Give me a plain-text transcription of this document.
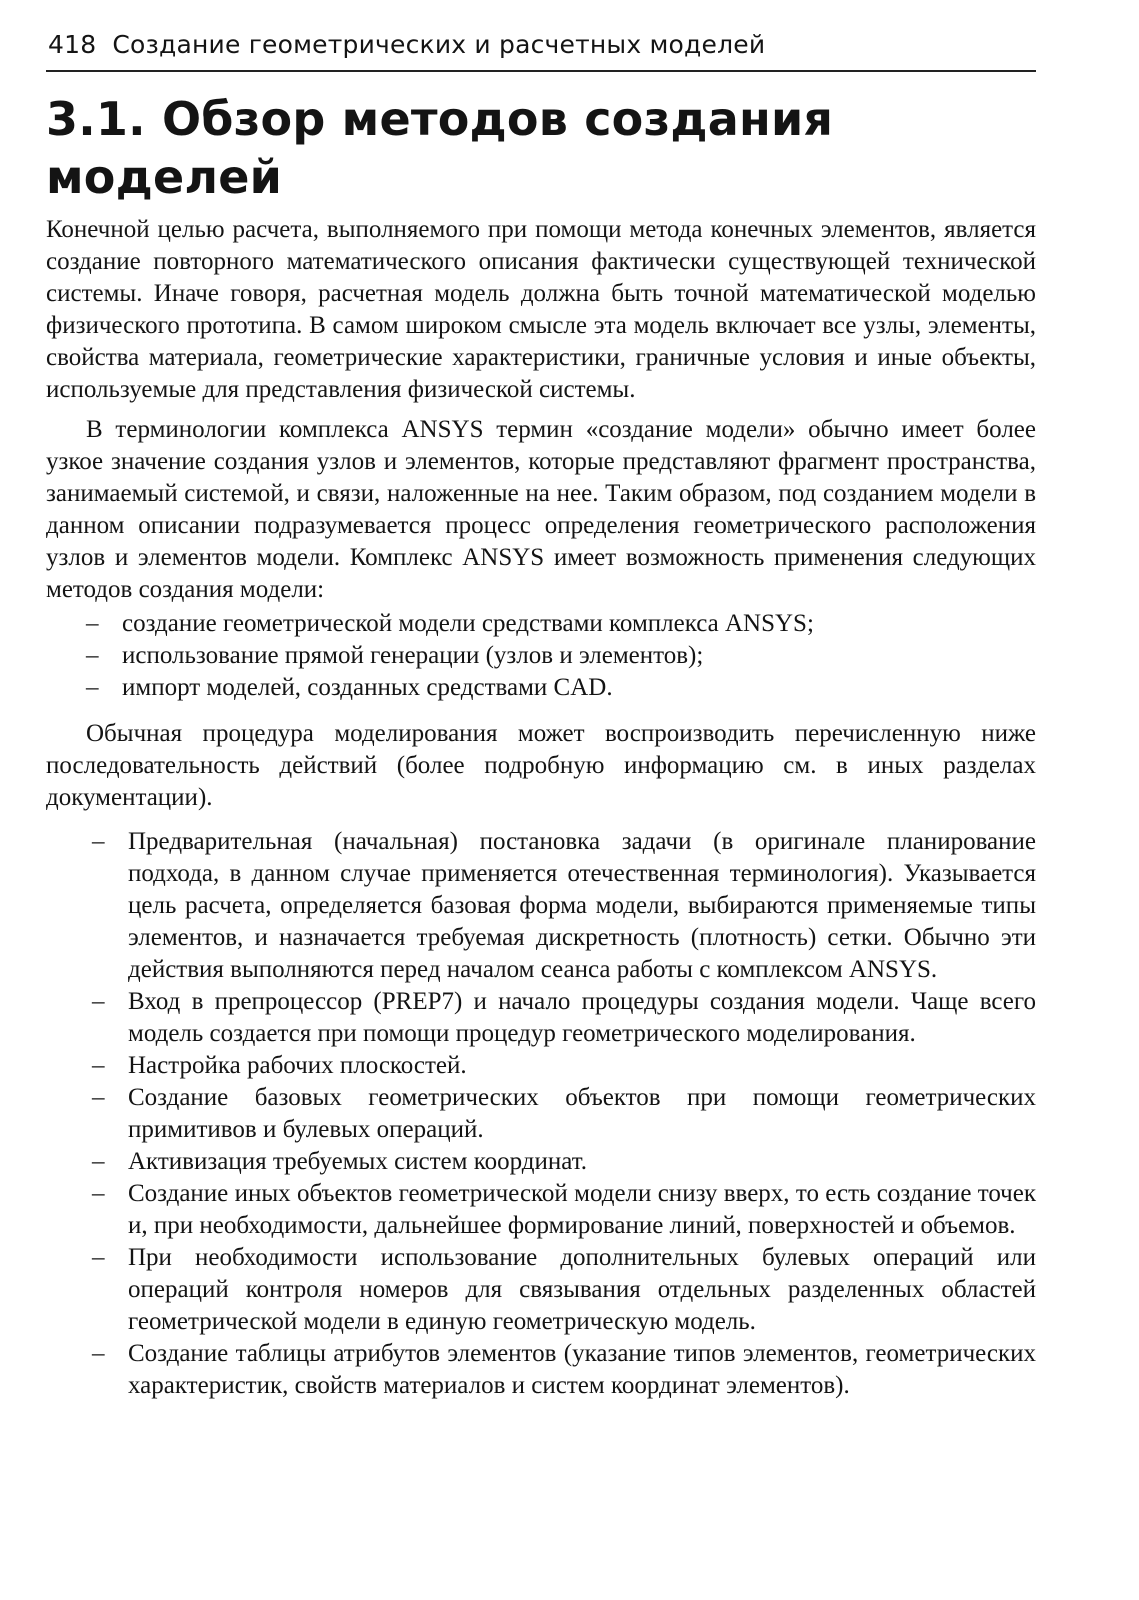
418 Создание геометрических и расчетных моделей
3.1. Обзор методов создания моделей

Конечной целью расчета, выполняемого при помощи метода конечных элементов, является создание повторного математического описания фактически существующей технической системы. Иначе говоря, расчетная модель должна быть точной математической моделью физического прототипа. В самом широком смысле эта модель включает все узлы, элементы, свойства материала, геометрические характеристики, граничные условия и иные объекты, используемые для представления физической системы.

В терминологии комплекса ANSYS термин «создание модели» обычно имеет более узкое значение создания узлов и элементов, которые представляют фрагмент пространства, занимаемый системой, и связи, наложенные на нее. Таким образом, под созданием модели в данном описании подразумевается процесс определения геометрического расположения узлов и элементов модели. Комплекс ANSYS имеет возможность применения следующих методов создания модели:

– создание геометрической модели средствами комплекса ANSYS;
– использование прямой генерации (узлов и элементов);
– импорт моделей, созданных средствами CAD.

Обычная процедура моделирования может воспроизводить перечисленную ниже последовательность действий (более подробную информацию см. в иных разделах документации).

– Предварительная (начальная) постановка задачи (в оригинале планирование подхода, в данном случае применяется отечественная терминология). Указывается цель расчета, определяется базовая форма модели, выбираются применяемые типы элементов, и назначается требуемая дискретность (плотность) сетки. Обычно эти действия выполняются перед началом сеанса работы с комплексом ANSYS.
– Вход в препроцессор (PREP7) и начало процедуры создания модели. Чаще всего модель создается при помощи процедур геометрического моделирования.
– Настройка рабочих плоскостей.
– Создание базовых геометрических объектов при помощи геометрических примитивов и булевых операций.
– Активизация требуемых систем координат.
– Создание иных объектов геометрической модели снизу вверх, то есть создание точек и, при необходимости, дальнейшее формирование линий, поверхностей и объемов.
– При необходимости использование дополнительных булевых операций или операций контроля номеров для связывания отдельных разделенных областей геометрической модели в единую геометрическую модель.
– Создание таблицы атрибутов элементов (указание типов элементов, геометрических характеристик, свойств материалов и систем координат элементов).
